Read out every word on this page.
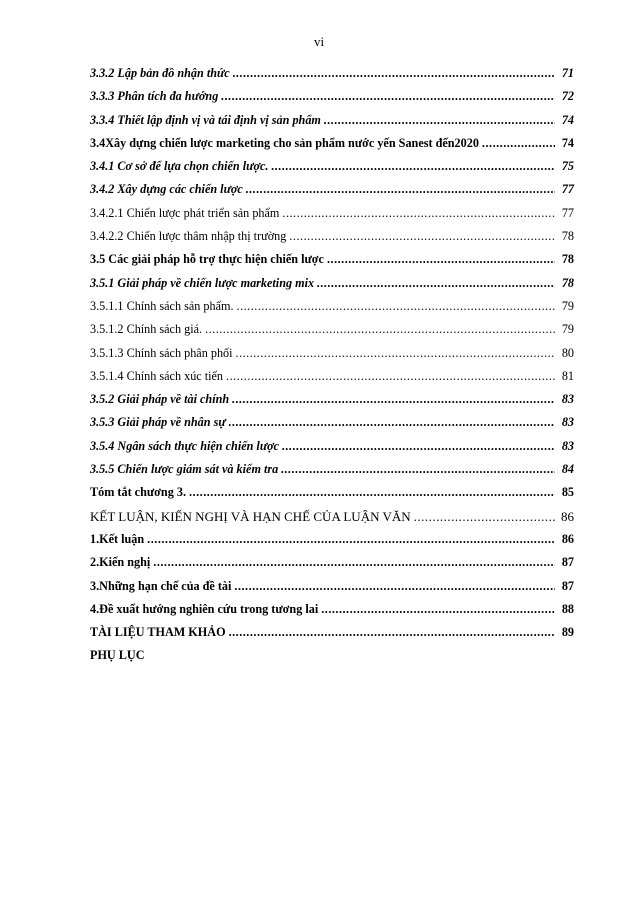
vi
3.3.2 Lập bản đồ nhận thức .....	71
3.3.3 Phân tích đa hướng .....	72
3.3.4 Thiết lập định vị và tái định vị sản phẩm .....	74
3.4Xây dựng chiến lược marketing cho sản phẩm nước yến Sanest đến2020 .....	74
3.4.1 Cơ sở để lựa chọn chiến lược. .....	75
3.4.2 Xây dựng các chiến lược .....	77
3.4.2.1 Chiến lược phát triển sản phẩm .....	77
3.4.2.2 Chiến lược thâm nhập thị trường .....	78
3.5 Các giải pháp hỗ trợ thực hiện chiến lược .....	78
3.5.1 Giải pháp về chiến lược marketing mix .....	78
3.5.1.1 Chính sách sản phẩm. .....	79
3.5.1.2 Chính sách giá. .....	79
3.5.1.3 Chính sách phân phối .....	80
3.5.1.4 Chính sách xúc tiến .....	81
3.5.2 Giải pháp về tài chính .....	83
3.5.3 Giải pháp về nhân sự .....	83
3.5.4 Ngân sách thực hiện chiến lược .....	83
3.5.5 Chiến lược giám sát và kiểm tra .....	84
Tóm tắt chương 3. .....	85
KẾT LUẬN, KIẾN NGHỊ VÀ HẠN CHẾ CỦA LUẬN VĂN .....	86
1.Kết luận .....	86
2.Kiến nghị .....	87
3.Những hạn chế của đề tài .....	87
4.Đề xuất hướng nghiên cứu trong tương lai .....	88
TÀI LIỆU THAM KHẢO .....	89
PHỤ LỤC
